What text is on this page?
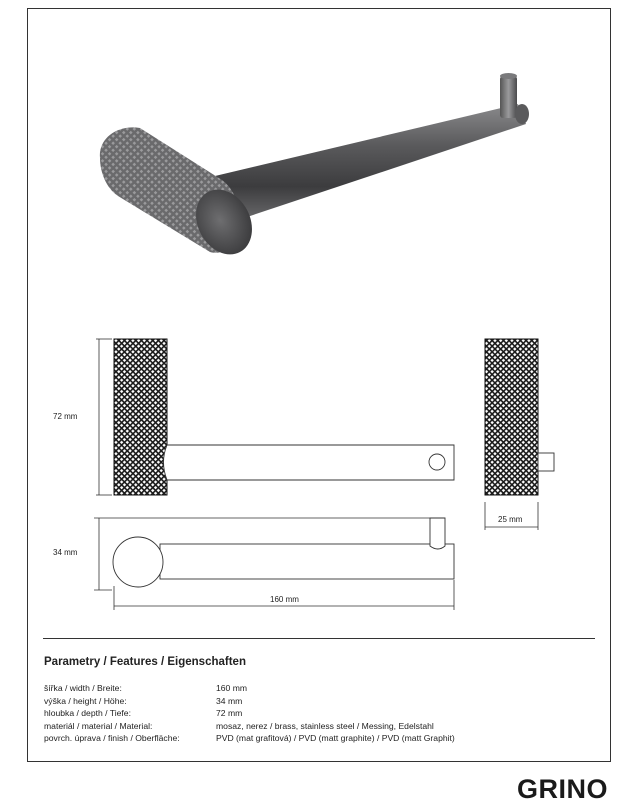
72 mm
34 mm
160 mm
25 mm
Parametry / Features / Eigenschaften
šířka / width / Breite:	160 mm
výška / height / Höhe:	34 mm
hloubka / depth / Tiefe:	72 mm
materiál / material / Material:	mosaz, nerez / brass, stainless steel / Messing, Edelstahl
povrch. úprava / finish / Oberfläche:	PVD (mat grafitová) / PVD (matt graphite) / PVD (matt Graphit)
GRINO
